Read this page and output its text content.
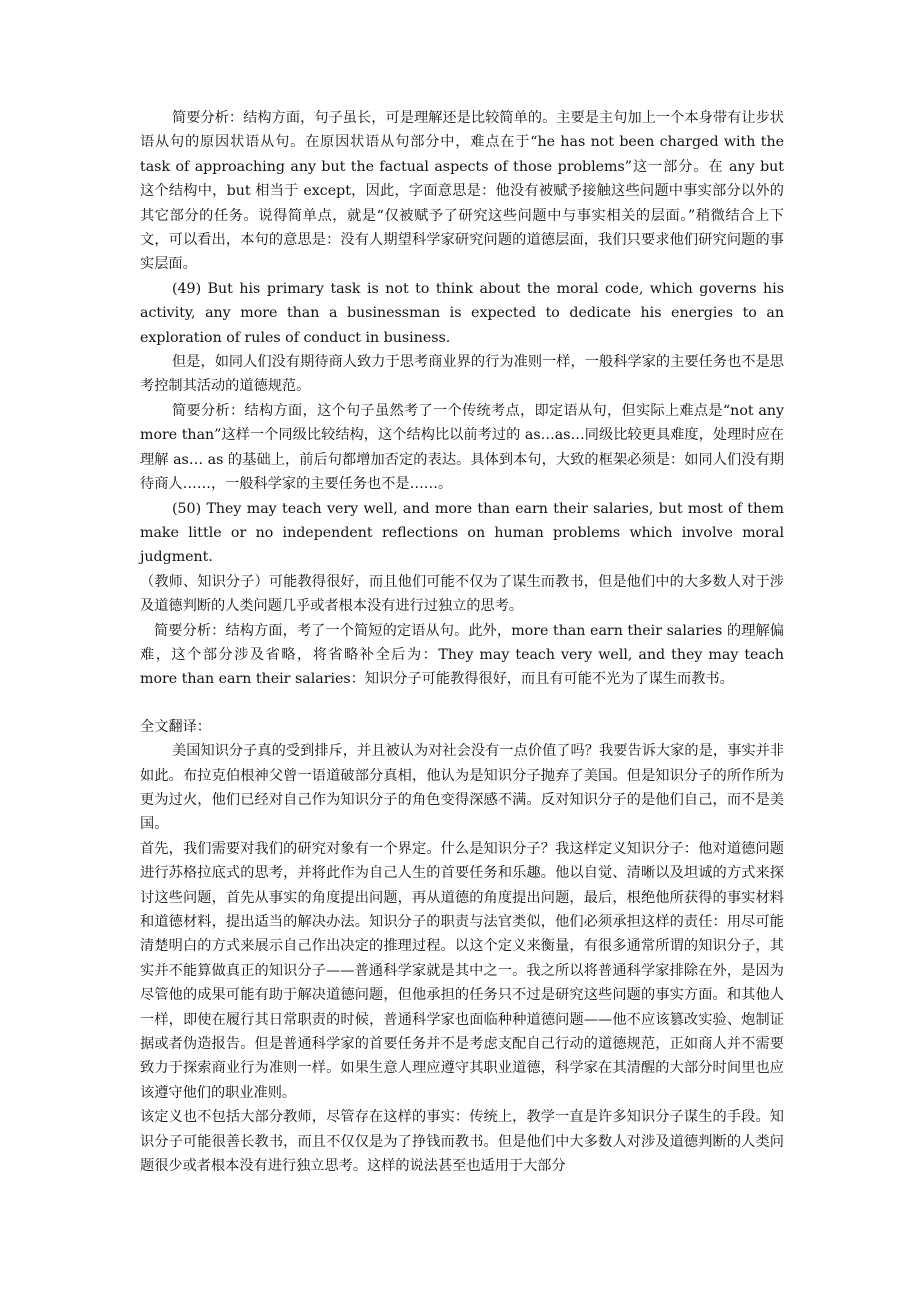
简要分析：结构方面，句子虽长，可是理解还是比较简单的。主要是主句加上一个本身带有让步状语从句的原因状语从句。在原因状语从句部分中，难点在于“he has not been charged with the task of approaching any but the factual aspects of those problems”这一部分。在 any but 这个结构中，but 相当于 except，因此，字面意思是：他没有被赋予接触这些问题中事实部分以外的其它部分的任务。说得简单点，就是“仅被赋予了研究这些问题中与事实相关的层面。”稍微结合上下文，可以看出，本句的意思是：没有人期望科学家研究问题的道德层面，我们只要求他们研究问题的事实层面。

(49) But his primary task is not to think about the moral code, which governs his activity, any more than a businessman is expected to dedicate his energies to an exploration of rules of conduct in business.

但是，如同人们没有期待商人致力于思考商业界的行为准则一样，一般科学家的主要任务也不是思考控制其活动的道德规范。

简要分析：结构方面，这个句子虽然考了一个传统考点，即定语从句，但实际上难点是“not any more than”这样一个同级比较结构，这个结构比以前考过的 as…as…同级比较更具难度，处理时应在理解 as… as 的基础上，前后句都增加否定的表达。具体到本句，大致的框架必须是：如同人们没有期待商人……，一般科学家的主要任务也不是……。

(50) They may teach very well, and more than earn their salaries, but most of them make little or no independent reflections on human problems which involve moral judgment.

（教师、知识分子）可能教得很好，而且他们可能不仅为了谋生而教书，但是他们中的大多数人对于涉及道德判断的人类问题几乎或者根本没有进行过独立的思考。

简要分析：结构方面，考了一个简短的定语从句。此外，more than earn their salaries 的理解偏难，这个部分涉及省略，将省略补全后为：They may teach very well, and they may teach more than earn their salaries：知识分子可能教得很好，而且有可能不光为了谋生而教书。

全文翻译：

美国知识分子真的受到排斥，并且被认为对社会没有一点价值了吗？我要告诉大家的是，事实并非如此。布拉克伯根神父曾一语道破部分真相，他认为是知识分子抛弃了美国。但是知识分子的所作所为更为过火，他们已经对自己作为知识分子的角色变得深感不满。反对知识分子的是他们自己，而不是美国。

首先，我们需要对我们的研究对象有一个界定。什么是知识分子？我这样定义知识分子：他对道德问题进行苏格拉底式的思考，并将此作为自己人生的首要任务和乐趣。他以自觉、清晰以及坦诚的方式来探讨这些问题，首先从事实的角度提出问题，再从道德的角度提出问题，最后，根绝他所获得的事实材料和道德材料，提出适当的解决办法。知识分子的职责与法官类似，他们必须承担这样的责任：用尽可能清楚明白的方式来展示自己作出决定的推理过程。以这个定义来衡量，有很多通常所谓的知识分子，其实并不能算做真正的知识分子——普通科学家就是其中之一。我之所以将普通科学家排除在外，是因为尽管他的成果可能有助于解决道德问题，但他承担的任务只不过是研究这些问题的事实方面。和其他人一样，即使在履行其日常职责的时候，普通科学家也面临种种道德问题——他不应该篡改实验、炮制证据或者伪造报告。但是普通科学家的首要任务并不是考虑支配自己行动的道德规范，正如商人并不需要致力于探索商业行为准则一样。如果生意人理应遵守其职业道德，科学家在其清醒的大部分时间里也应该遵守他们的职业准则。

该定义也不包括大部分教师，尽管存在这样的事实：传统上，教学一直是许多知识分子谋生的手段。知识分子可能很善长教书，而且不仅仅是为了挣钱而教书。但是他们中大多数人对涉及道德判断的人类问题很少或者根本没有进行独立思考。这样的说法甚至也适用于大部分
